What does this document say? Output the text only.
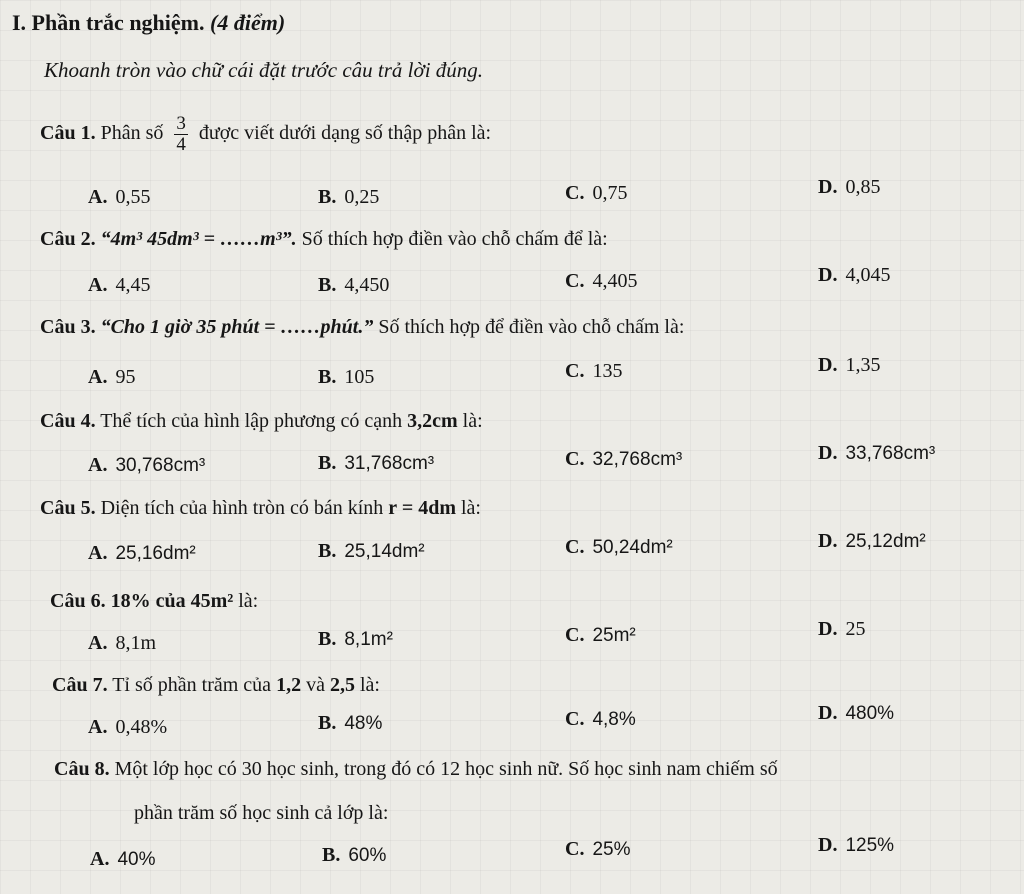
I. Phần trắc nghiệm. (4 điểm)
Khoanh tròn vào chữ cái đặt trước câu trả lời đúng.
Câu 1. Phân số $\frac{3}{4}$ được viết dưới dạng số thập phân là:
A. 0,55	B. 0,25	C. 0,75	D. 0,85
Câu 2. “4m³ 45dm³ = ……m³”. Số thích hợp điền vào chỗ chấm để là:
A. 4,45	B. 4,450	C. 4,405	D. 4,045
Câu 3. “Cho 1 giờ 35 phút = ……phút.” Số thích hợp để điền vào chỗ chấm là:
A. 95	B. 105	C. 135	D. 1,35
Câu 4. Thể tích của hình lập phương có cạnh 3,2cm là:
A. 30,768cm³	B. 31,768cm³	C. 32,768cm³	D. 33,768cm³
Câu 5. Diện tích của hình tròn có bán kính r = 4dm là:
A. 25,16dm²	B. 25,14dm²	C. 50,24dm²	D. 25,12dm²
Câu 6. 18% của 45m² là:
A. 8,1m	B. 8,1m²	C. 25m²	D. 25
Câu 7. Tỉ số phần trăm của 1,2 và 2,5 là:
A. 0,48%	B. 48%	C. 4,8%	D. 480%
Câu 8. Một lớp học có 30 học sinh, trong đó có 12 học sinh nữ. Số học sinh nam chiếm số
phần trăm số học sinh cả lớp là:
A. 40%	B. 60%	C. 25%	D. 125%
